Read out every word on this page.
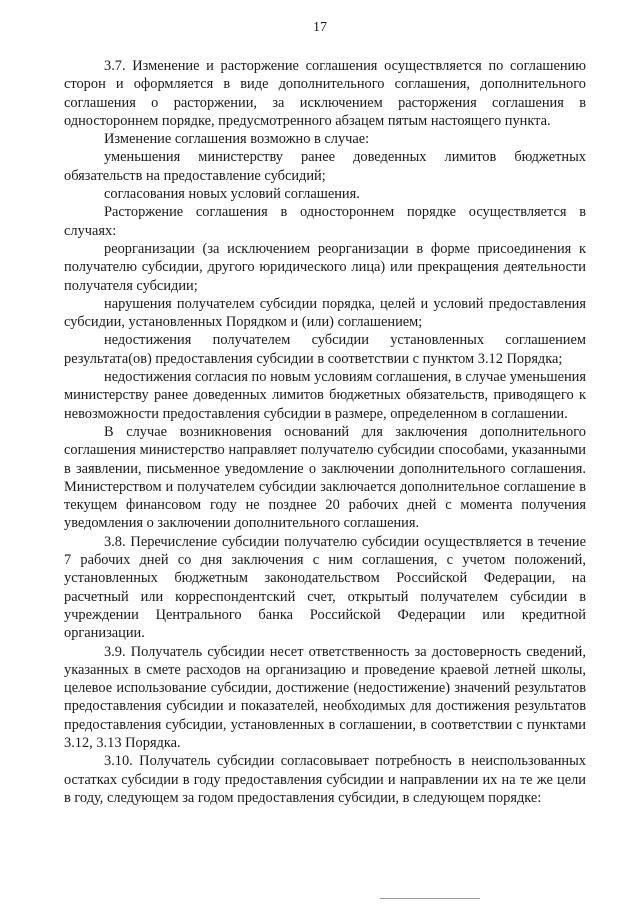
17

3.7. Изменение и расторжение соглашения осуществляется по соглашению сторон и оформляется в виде дополнительного соглашения, дополнительного соглашения о расторжении, за исключением расторжения соглашения в одностороннем порядке, предусмотренного абзацем пятым настоящего пункта.

Изменение соглашения возможно в случае:

уменьшения министерству ранее доведенных лимитов бюджетных обязательств на предоставление субсидий;

согласования новых условий соглашения.

Расторжение соглашения в одностороннем порядке осуществляется в случаях:

реорганизации (за исключением реорганизации в форме присоединения к получателю субсидии, другого юридического лица) или прекращения деятельности получателя субсидии;

нарушения получателем субсидии порядка, целей и условий предоставления субсидии, установленных Порядком и (или) соглашением;

недостижения получателем субсидии установленных соглашением результата(ов) предоставления субсидии в соответствии с пунктом 3.12 Порядка;

недостижения согласия по новым условиям соглашения, в случае уменьшения министерству ранее доведенных лимитов бюджетных обязательств, приводящего к невозможности предоставления субсидии в размере, определенном в соглашении.

В случае возникновения оснований для заключения дополнительного соглашения министерство направляет получателю субсидии способами, указанными в заявлении, письменное уведомление о заключении дополнительного соглашения. Министерством и получателем субсидии заключается дополнительное соглашение в текущем финансовом году не позднее 20 рабочих дней с момента получения уведомления о заключении дополнительного соглашения.

3.8. Перечисление субсидии получателю субсидии осуществляется в течение 7 рабочих дней со дня заключения с ним соглашения, с учетом положений, установленных бюджетным законодательством Российской Федерации, на расчетный или корреспондентский счет, открытый получателем субсидии в учреждении Центрального банка Российской Федерации или кредитной организации.

3.9. Получатель субсидии несет ответственность за достоверность сведений, указанных в смете расходов на организацию и проведение краевой летней школы, целевое использование субсидии, достижение (недостижение) значений результатов предоставления субсидии и показателей, необходимых для достижения результатов предоставления субсидии, установленных в соглашении, в соответствии с пунктами 3.12, 3.13 Порядка.

3.10. Получатель субсидии согласовывает потребность в неиспользованных остатках субсидии в году предоставления субсидии и направлении их на те же цели в году, следующем за годом предоставления субсидии, в следующем порядке:
